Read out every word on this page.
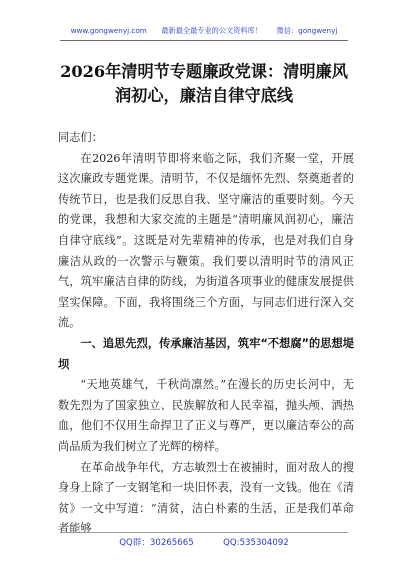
www.gongwenyj.com 最新最全最专业的公文资料库！ 微信：gongwenyj
2026年清明节专题廉政党课：清明廉风
润初心，廉洁自律守底线

同志们：

在2026年清明节即将来临之际，我们齐聚一堂，开展这次廉政专题党课。清明节，不仅是缅怀先烈、祭奠逝者的传统节日，也是我们反思自我、坚守廉洁的重要时刻。今天的党课，我想和大家交流的主题是“清明廉风润初心，廉洁自律守底线”。这既是对先辈精神的传承，也是对我们自身廉洁从政的一次警示与鞭策。我们要以清明时节的清风正气，筑牢廉洁自律的防线，为街道各项事业的健康发展提供坚实保障。下面，我将围绕三个方面，与同志们进行深入交流。

一、追思先烈，传承廉洁基因，筑牢“不想腐”的思想堤坝

“天地英雄气，千秋尚凛然。”在漫长的历史长河中，无数先烈为了国家独立、民族解放和人民幸福，抛头颅、洒热血，他们不仅用生命捍卫了正义与尊严，更以廉洁奉公的高尚品质为我们树立了光辉的榜样。

在革命战争年代，方志敏烈士在被捕时，面对敌人的搜身身上除了一支钢笔和一块旧怀表，没有一文钱。他在《清贫》一文中写道：“清贫，洁白朴素的生活，正是我们革命者能够

QQ群：30265665	QQ:535304092
